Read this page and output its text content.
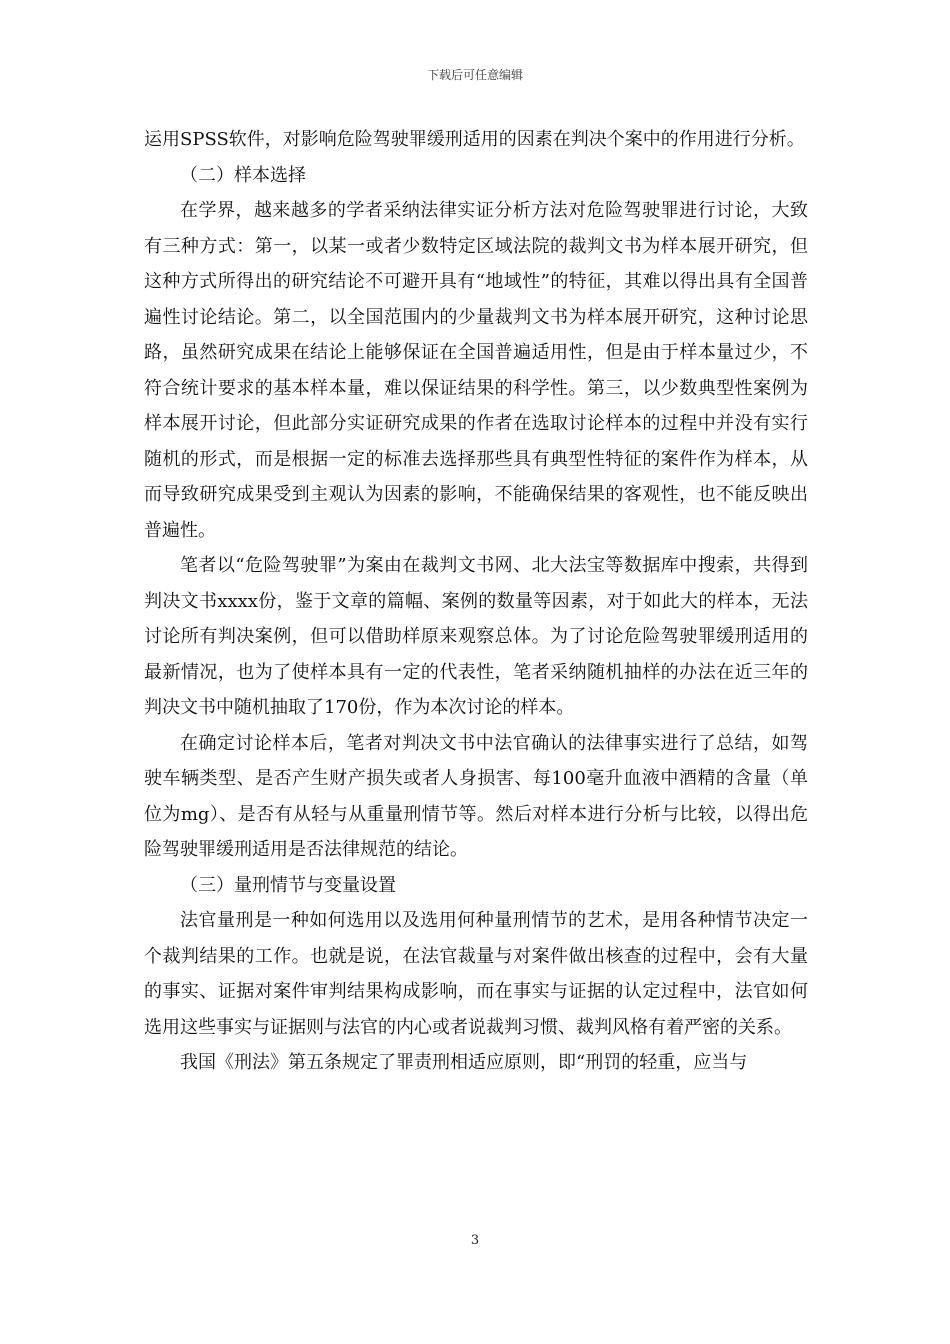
下载后可任意编辑

运用SPSS软件，对影响危险驾驶罪缓刑适用的因素在判决个案中的作用进行分析。

（二）样本选择

在学界，越来越多的学者采纳法律实证分析方法对危险驾驶罪进行讨论，大致有三种方式：第一，以某一或者少数特定区域法院的裁判文书为样本展开研究，但这种方式所得出的研究结论不可避开具有“地域性”的特征，其难以得出具有全国普遍性讨论结论。第二，以全国范围内的少量裁判文书为样本展开研究，这种讨论思路，虽然研究成果在结论上能够保证在全国普遍适用性，但是由于样本量过少，不符合统计要求的基本样本量，难以保证结果的科学性。第三，以少数典型性案例为样本展开讨论，但此部分实证研究成果的作者在选取讨论样本的过程中并没有实行随机的形式，而是根据一定的标准去选择那些具有典型性特征的案件作为样本，从而导致研究成果受到主观认为因素的影响，不能确保结果的客观性，也不能反映出普遍性。

笔者以“危险驾驶罪”为案由在裁判文书网、北大法宝等数据库中搜索，共得到判决文书xxxx份，鉴于文章的篇幅、案例的数量等因素，对于如此大的样本，无法讨论所有判决案例，但可以借助样原来观察总体。为了讨论危险驾驶罪缓刑适用的最新情况，也为了使样本具有一定的代表性，笔者采纳随机抽样的办法在近三年的判决文书中随机抽取了170份，作为本次讨论的样本。

在确定讨论样本后，笔者对判决文书中法官确认的法律事实进行了总结，如驾驶车辆类型、是否产生财产损失或者人身损害、每100毫升血液中酒精的含量（单位为mg）、是否有从轻与从重量刑情节等。然后对样本进行分析与比较，以得出危险驾驶罪缓刑适用是否法律规范的结论。

（三）量刑情节与变量设置

法官量刑是一种如何选用以及选用何种量刑情节的艺术，是用各种情节决定一个裁判结果的工作。也就是说，在法官裁量与对案件做出核查的过程中，会有大量的事实、证据对案件审判结果构成影响，而在事实与证据的认定过程中，法官如何选用这些事实与证据则与法官的内心或者说裁判习惯、裁判风格有着严密的关系。

我国《刑法》第五条规定了罪责刑相适应原则，即“刑罚的轻重，应当与

3
